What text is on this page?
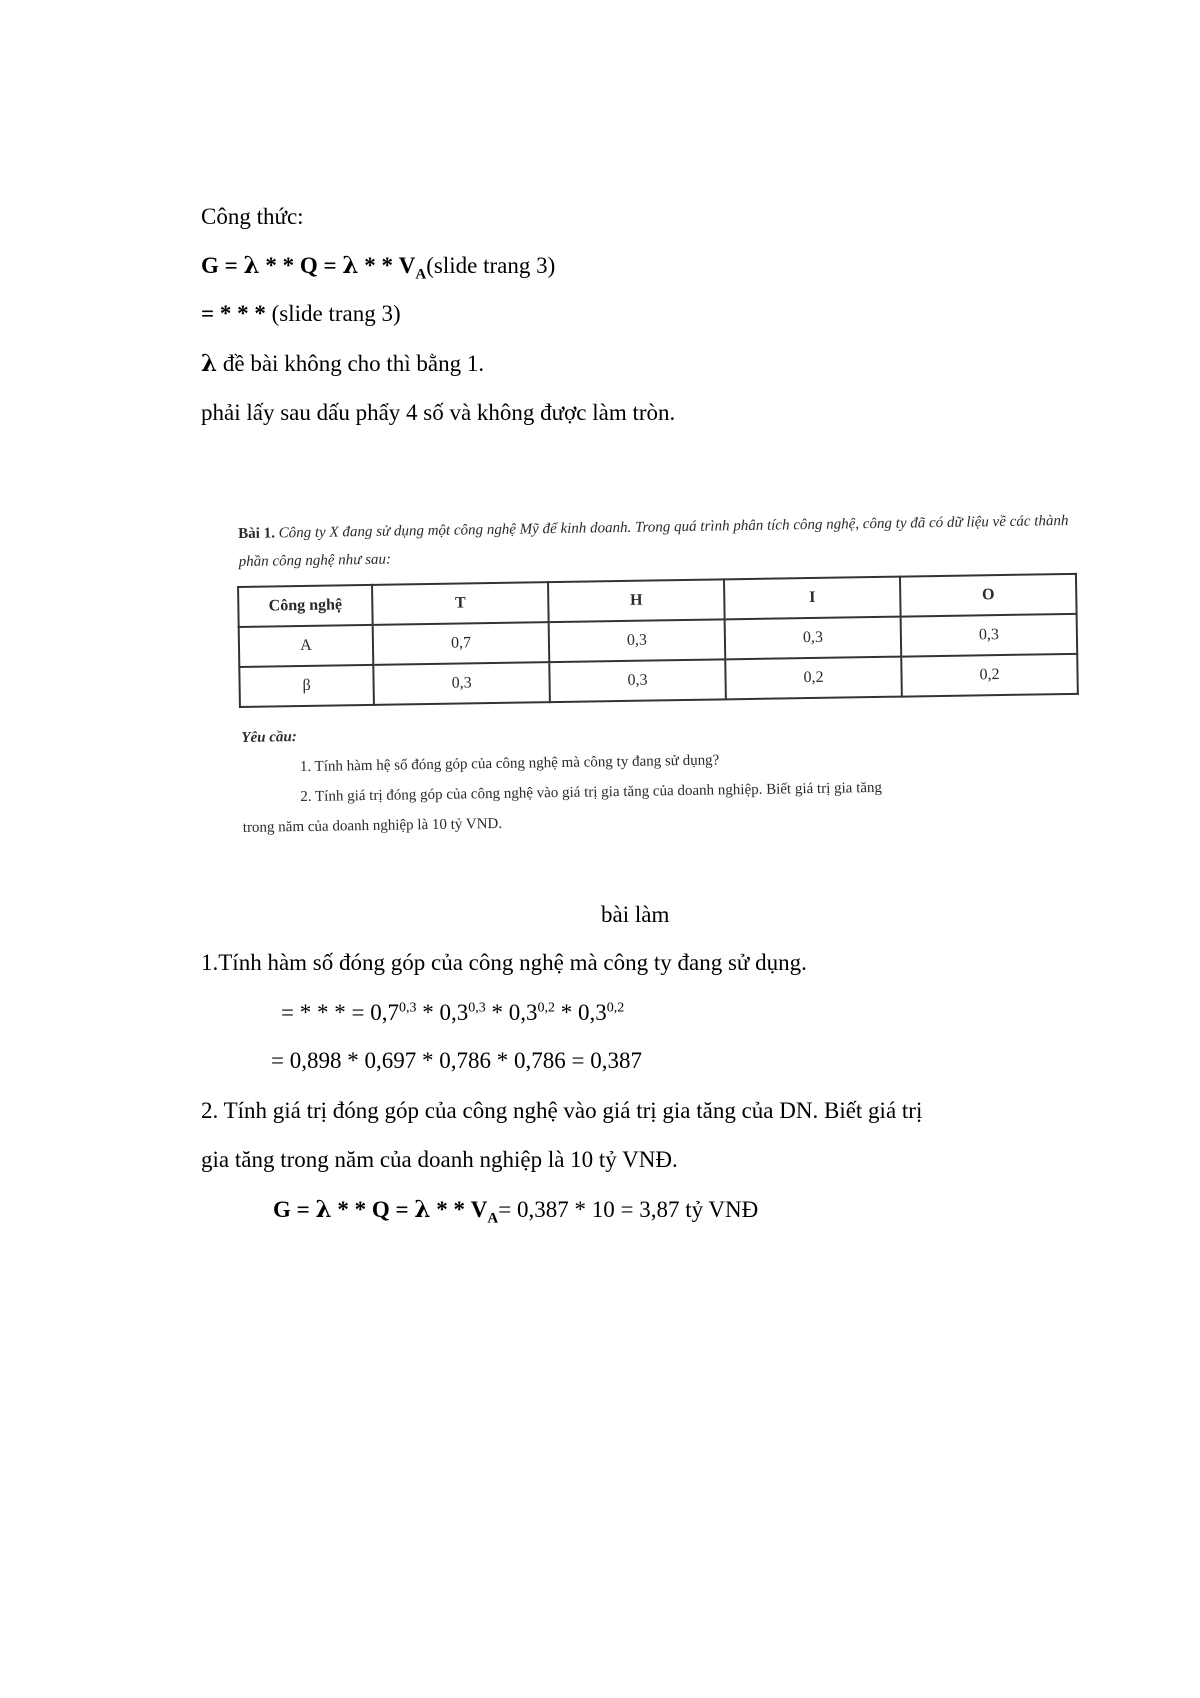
Công thức:
G = λ * * Q = λ * * $V_A(slide$ trang 3)
= * * * (slide trang 3)
λ đề bài không cho thì bằng 1.
phải lấy sau dấu phẩy 4 số và không được làm tròn.
Bài 1. Công ty X đang sử dụng một công nghệ Mỹ để kinh doanh. Trong quá trình phân tích công nghệ, công ty đã có dữ liệu về các thành phần công nghệ như sau:
Công nghệ	T	H	I	O
A	0,7	0,3	0,3	0,3
β	0,3	0,3	0,2	0,2
Yêu cầu:
1. Tính hàm hệ số đóng góp của công nghệ mà công ty đang sử dụng?
2. Tính giá trị đóng góp của công nghệ vào giá trị gia tăng của doanh nghiệp. Biết giá trị gia tăng
trong năm của doanh nghiệp là 10 tỷ VND.
bài làm
1.Tính hàm số đóng góp của công nghệ mà công ty đang sử dụng.
= * * * = $0,7^{0,3} * 0,3^{0,3} * 0,3^{0,2} * 0,3^{0,2}$
= 0,898 * 0,697 * 0,786 * 0,786 = 0,387
2. Tính giá trị đóng góp của công nghệ vào giá trị gia tăng của DN. Biết giá trị
gia tăng trong năm của doanh nghiệp là 10 tỷ VNĐ.
G = λ * * Q = λ * * $V_A= 0,387 * 10 = 3,87$ tỷ VNĐ
